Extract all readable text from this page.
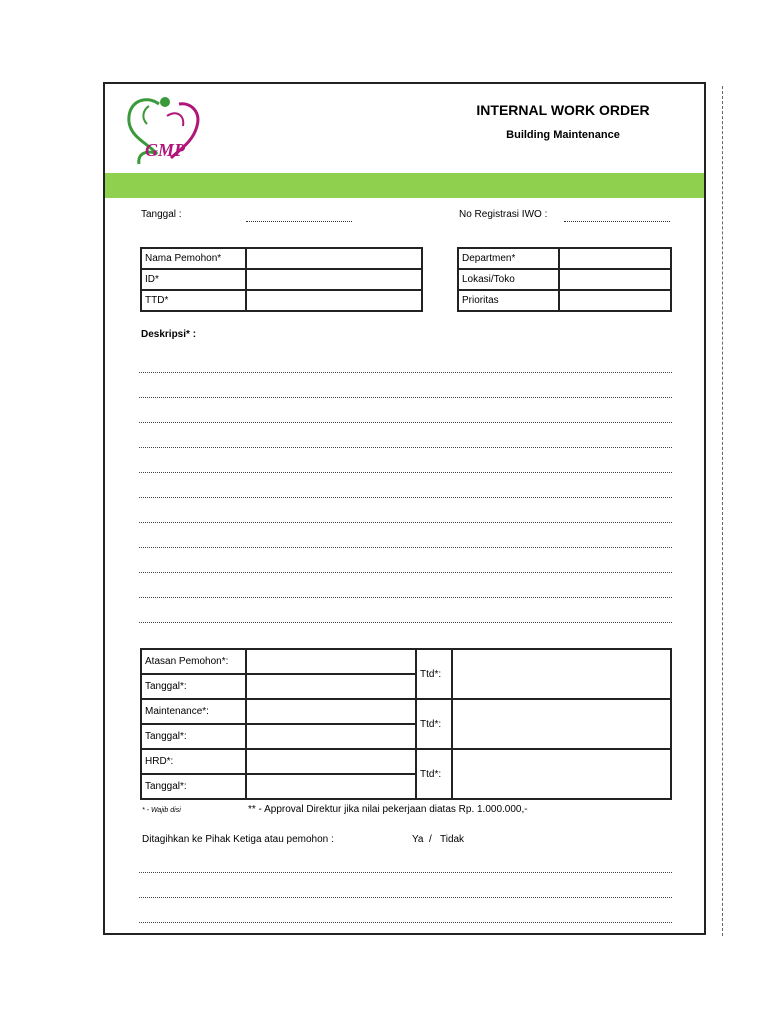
GMP
INTERNAL WORK ORDER
Building Maintenance
Tanggal :	No Registrasi IWO :
Nama Pemohon*	
ID*	
TTD*	
Departmen*	
Lokasi/Toko	
Prioritas	
Deskripsi* :
Atasan Pemohon*:		Ttd*:	
Tanggal*:			
Maintenance*:		Ttd*:	
Tanggal*:			
HRD*:		Ttd*:	
Tanggal*:			
* - Wajib disi	** - Approval Direktur jika nilai pekerjaan diatas Rp. 1.000.000,-
Ditagihkan ke Pihak Ketiga atau pemohon :	Ya  /   Tidak
